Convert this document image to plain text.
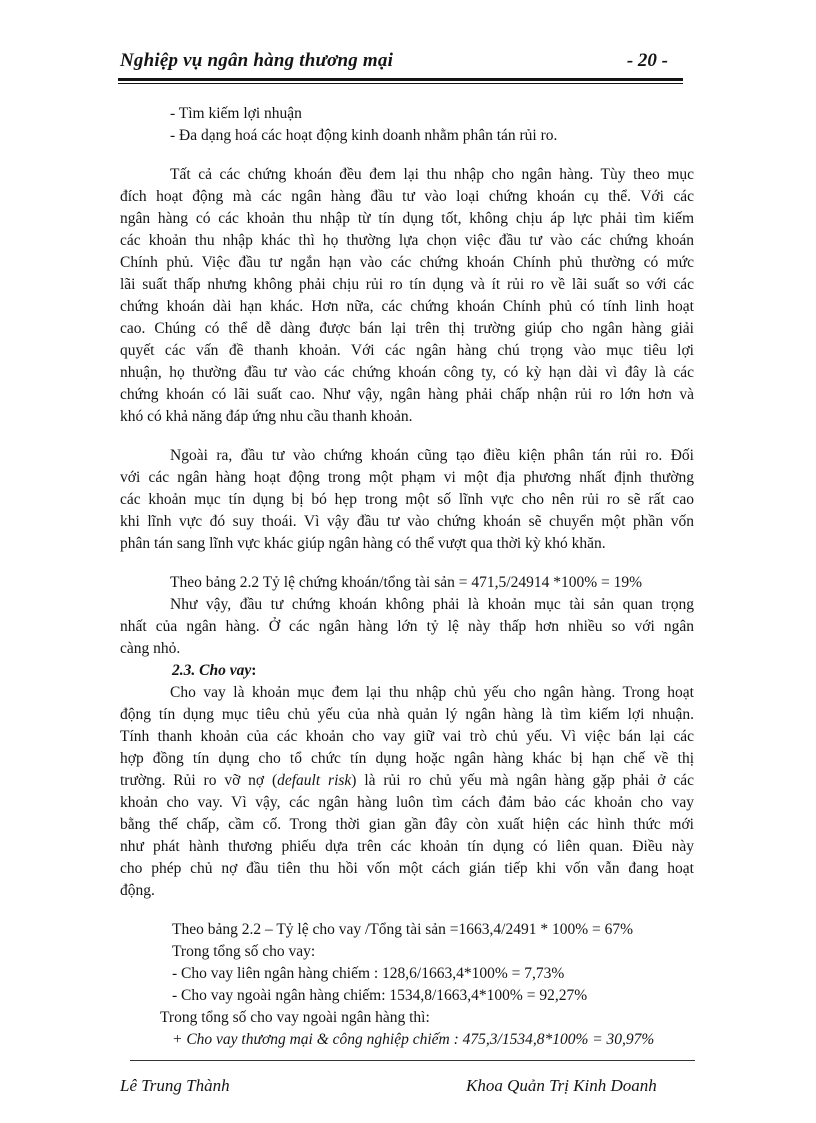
Nghiệp vụ ngân hàng thương mại	- 20 -
- Tìm kiếm lợi nhuận
- Đa dạng hoá các hoạt động kinh doanh nhằm phân tán rủi ro.
Tất cả các chứng khoán đều đem lại thu nhập cho ngân hàng. Tùy theo mục
đích hoạt động mà các ngân hàng đầu tư vào loại chứng khoán cụ thể. Với các
ngân hàng có các khoản thu nhập từ tín dụng tốt, không chịu áp lực phải tìm kiếm
các khoản thu nhập khác thì họ thường lựa chọn việc đầu tư vào các chứng khoán
Chính phủ. Việc đầu tư ngắn hạn vào các chứng khoán Chính phủ thường có mức
lãi suất thấp nhưng không phải chịu rủi ro tín dụng và ít rủi ro về lãi suất so với các
chứng khoán dài hạn khác. Hơn nữa, các chứng khoán Chính phủ có tính linh hoạt
cao. Chúng có thể dễ dàng được bán lại trên thị trường giúp cho ngân hàng giải
quyết các vấn đề thanh khoản. Với các ngân hàng chú trọng vào mục tiêu lợi
nhuận, họ thường đầu tư vào các chứng khoán công ty, có kỳ hạn dài vì đây là các
chứng khoán có lãi suất cao. Như vậy, ngân hàng phải chấp nhận rủi ro lớn hơn và
khó có khả năng đáp ứng nhu cầu thanh khoản.
Ngoài ra, đầu tư vào chứng khoán cũng tạo điều kiện phân tán rủi ro. Đối
với các ngân hàng hoạt động trong một phạm vi một địa phương nhất định thường
các khoản mục tín dụng bị bó hẹp trong một số lĩnh vực cho nên rủi ro sẽ rất cao
khi lĩnh vực đó suy thoái. Vì vậy đầu tư vào chứng khoán sẽ chuyển một phần vốn
phân tán sang lĩnh vực khác giúp ngân hàng có thể vượt qua thời kỳ khó khăn.
Theo bảng 2.2 Tỷ lệ chứng khoán/tổng tài sản = 471,5/24914 *100% = 19%
Như vậy, đầu tư chứng khoán không phải là khoản mục tài sản quan trọng
nhất của ngân hàng. Ở các ngân hàng lớn tỷ lệ này thấp hơn nhiều so với ngân
càng nhỏ.
2.3. Cho vay:
Cho vay là khoản mục đem lại thu nhập chủ yếu cho ngân hàng. Trong hoạt
động tín dụng mục tiêu chủ yếu của nhà quản lý ngân hàng là tìm kiếm lợi nhuận.
Tính thanh khoản của các khoản cho vay giữ vai trò chủ yếu. Vì việc bán lại các
hợp đồng tín dụng cho tổ chức tín dụng hoặc ngân hàng khác bị hạn chế về thị
trường. Rủi ro vỡ nợ (default risk) là rủi ro chủ yếu mà ngân hàng gặp phải ở các
khoản cho vay. Vì vậy, các ngân hàng luôn tìm cách đảm bảo các khoản cho vay
bằng thế chấp, cầm cố. Trong thời gian gần đây còn xuất hiện các hình thức mới
như phát hành thương phiếu dựa trên các khoản tín dụng có liên quan. Điều này
cho phép chủ nợ đầu tiên thu hồi vốn một cách gián tiếp khi vốn vẫn đang hoạt
động.
Theo bảng 2.2 – Tỷ lệ cho vay /Tổng tài sản =1663,4/2491 * 100% = 67%
Trong tổng số cho vay:
- Cho vay liên ngân hàng chiếm : 128,6/1663,4*100% = 7,73%
- Cho vay ngoài ngân hàng chiếm: 1534,8/1663,4*100% = 92,27%
Trong tổng số cho vay ngoài ngân hàng thì:
+ Cho vay thương mại & công nghiệp chiếm : 475,3/1534,8*100% = 30,97%
Lê Trung Thành	Khoa Quản Trị Kinh Doanh
